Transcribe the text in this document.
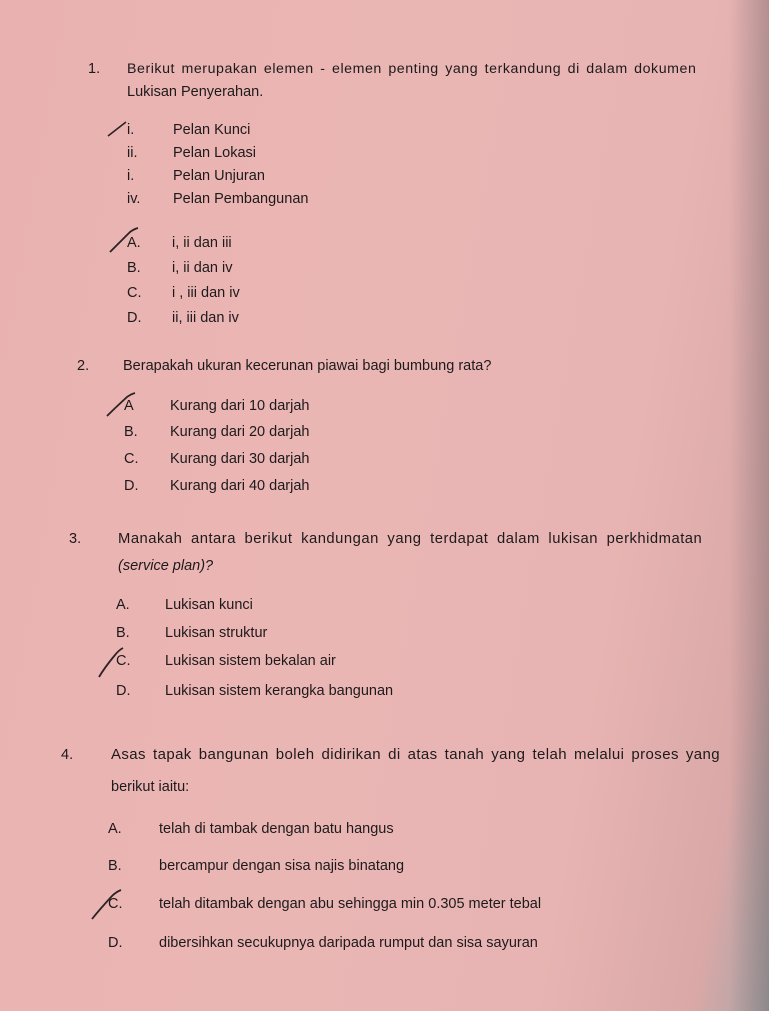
1. Berikut merupakan elemen - elemen penting yang terkandung di dalam dokumen
Lukisan Penyerahan.
i.	Pelan Kunci
ii. Pelan Lokasi
i.	Pelan Unjuran
iv. Pelan Pembangunan
A. i, ii dan iii
B. i, ii dan iv
C. i , iii dan iv
D. ii, iii dan iv
2. Berapakah ukuran kecerunan piawai bagi bumbung rata?
A	Kurang dari 10 darjah
B. Kurang dari 20 darjah
C. Kurang dari 30 darjah
D. Kurang dari 40 darjah
3. Manakah antara berikut kandungan yang terdapat dalam lukisan perkhidmatan
(service plan)?
A. Lukisan kunci
B. Lukisan struktur
C. Lukisan sistem bekalan air
D. Lukisan sistem kerangka bangunan
4.	Asas tapak bangunan boleh didirikan di atas tanah yang telah melalui proses yang
berikut iaitu:
A.	telah di tambak dengan batu hangus
B.	bercampur dengan sisa najis binatang
C.	telah ditambak dengan abu sehingga min 0.305 meter tebal
D.	dibersihkan secukupnya daripada rumput dan sisa sayuran
